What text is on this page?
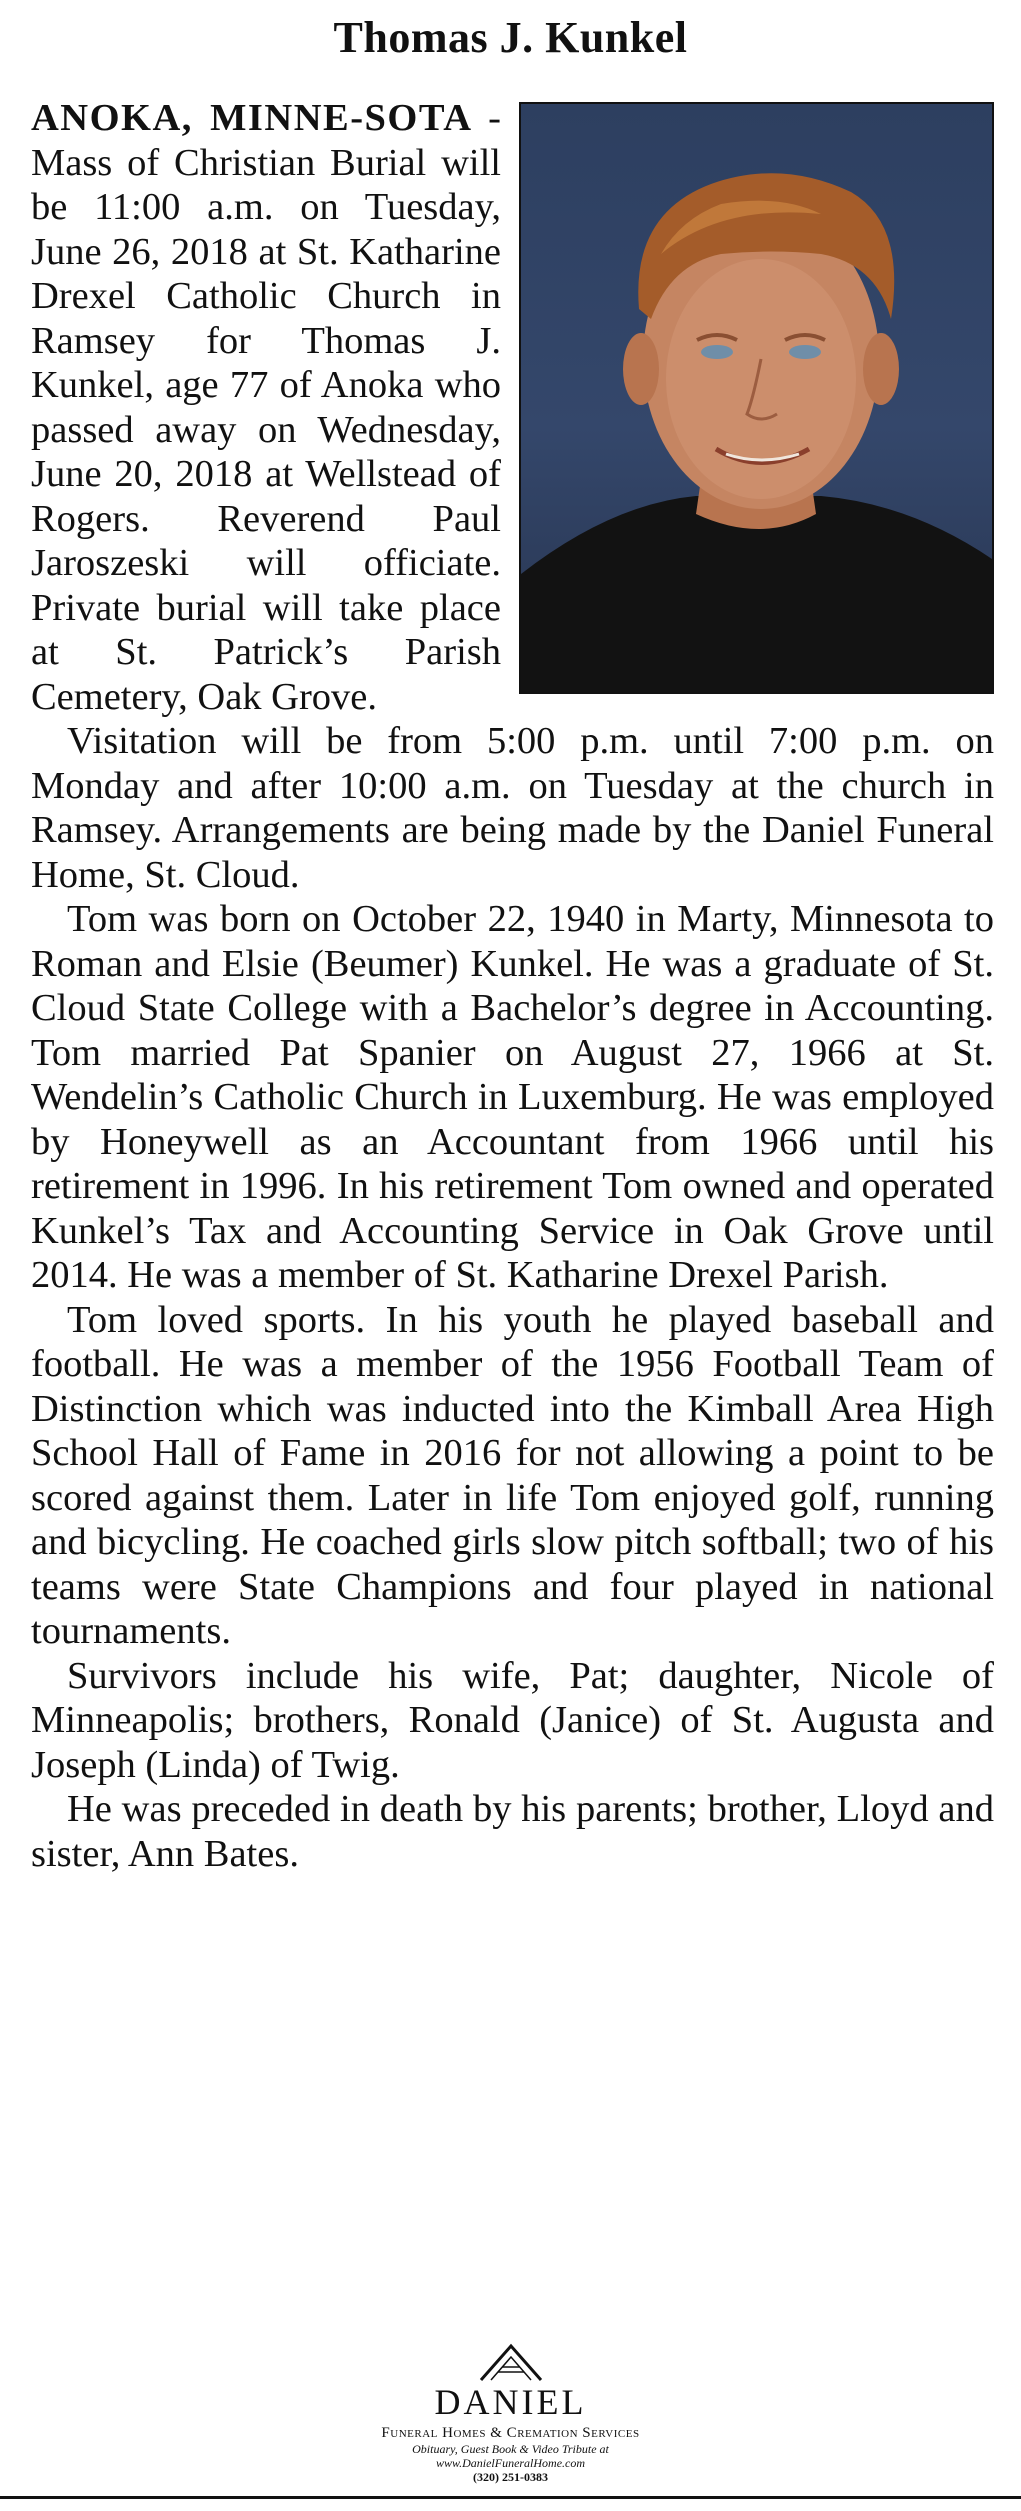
Thomas J. Kunkel

ANOKA, MINNE-SOTA - Mass of Christian Burial will be 11:00 a.m. on Tuesday, June 26, 2018 at St. Katharine Drexel Catholic Church in Ramsey for Thomas J. Kunkel, age 77 of Anoka who passed away on Wednesday, June 20, 2018 at Wellstead of Rogers. Reverend Paul Jaroszeski will officiate. Private burial will take place at St. Patrick’s Parish Cemetery, Oak Grove.

Visitation will be from 5:00 p.m. until 7:00 p.m. on Monday and after 10:00 a.m. on Tuesday at the church in Ramsey. Arrangements are being made by the Daniel Funeral Home, St. Cloud.

Tom was born on October 22, 1940 in Marty, Minnesota to Roman and Elsie (Beumer) Kunkel. He was a graduate of St. Cloud State College with a Bachelor’s degree in Accounting. Tom married Pat Spanier on August 27, 1966 at St. Wendelin’s Catholic Church in Luxemburg. He was employed by Honeywell as an Accountant from 1966 until his retirement in 1996. In his retirement Tom owned and operated Kunkel’s Tax and Accounting Service in Oak Grove until 2014. He was a member of St. Katharine Drexel Parish.

Tom loved sports. In his youth he played baseball and football. He was a member of the 1956 Football Team of Distinction which was inducted into the Kimball Area High School Hall of Fame in 2016 for not allowing a point to be scored against them. Later in life Tom enjoyed golf, running and bicycling. He coached girls slow pitch softball; two of his teams were State Champions and four played in national tournaments.

Survivors include his wife, Pat; daughter, Nicole of Minneapolis; brothers, Ronald (Janice) of St. Augusta and Joseph (Linda) of Twig.

He was preceded in death by his parents; brother, Lloyd and sister, Ann Bates.

DANIEL
Funeral Homes & Cremation Services
Obituary, Guest Book & Video Tribute at
www.DanielFuneralHome.com
(320) 251-0383
